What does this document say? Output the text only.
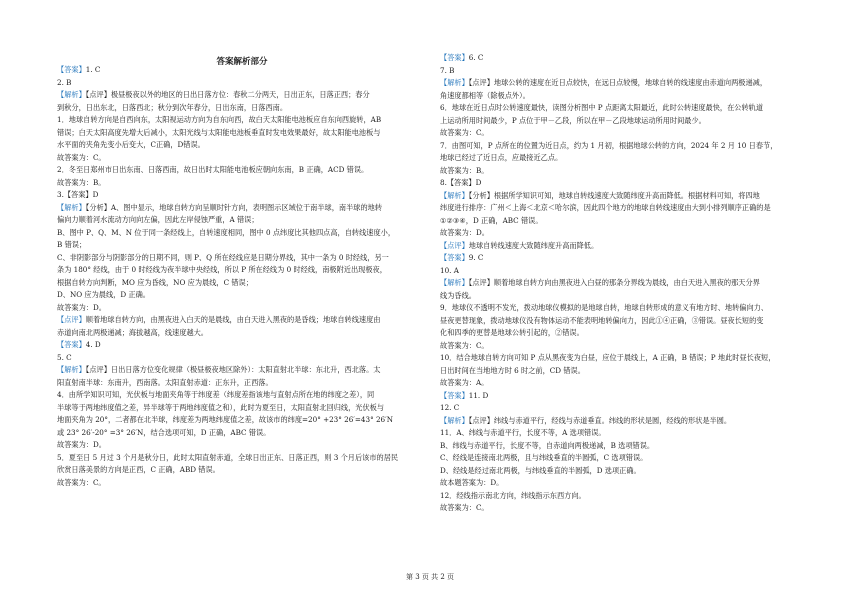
答案解析部分
【答案】1. C
2. B
【解析】【点评】极昼极夜以外的地区的日出日落方位：春秋二分两天，日出正东，日落正西；春分
到秋分，日出东北，日落西北；秋分到次年春分，日出东南，日落西南。
1．地球自转方向是自西向东，太阳视运动方向为自东向西，故白天太阳能电池板应自东向西旋转，AB
错误；白天太阳高度先增大后减小，太阳光线与太阳能电池板垂直时发电效果最好，故太阳能电池板与
水平面的夹角先变小后变大，C正确，D错误。
故答案为：C。
2．冬至日郑州市日出东南、日落西南，故日出时太阳能电池板应朝向东南，B 正确，ACD 错误。
故答案为：B。
3.【答案】D
【解析】【分析】A、图中显示，地球自转方向呈顺时针方向，表明图示区域位于南半球，南半球的地转
偏向力顺着河水流动方向向左偏，因此左岸侵蚀严重，A 错误；
B、图中 P、Q、M、N 位于同一条经线上，自转速度相同，图中 0 点纬度比其他四点高，自转线速度小，
B 错误；
C、非阴影部分与阴影部分的日期不同，则 P、Q 所在经线应是日期分界线，其中一条为 0 时经线，另一
条为 180° 经线，由于 0 时经线为夜半球中央经线，所以 P 所在经线为 0 时经线，南极附近出现极夜，
根据自转方向判断，MO 应为昏线，NO 应为晨线，C 错误；
D、NO 应为晨线，D 正确。
故答案为：D。
【点评】顺着地球自转方向，由黑夜进入白天的是晨线，由白天进入黑夜的是昏线；地球自转线速度由
赤道向南北两极递减；海拔越高，线速度越大。
【答案】4. D
5. C
【解析】【点评】日出日落方位变化规律（极昼极夜地区除外）：太阳直射北半球：东北升，西北落。太
阳直射南半球：东南升，西南落。太阳直射赤道：正东升，正西落。
4．由所学知识可知，光伏板与地面夹角等于纬度差（纬度差指该地与直射点所在地的纬度之差），同
半球等于两地纬度值之差，异半球等于两地纬度值之和），此时为夏至日，太阳直射北回归线，光伏板与
地面夹角为 20°，二者都在北半球，纬度差为两地纬度值之差，故该市的纬度=20° +23° 26′=43° 26′N
或 23° 26′-20° =3° 26′N，结合选项可知，D 正确，ABC 错误。
故答案为：D。
5．夏至日 5 月过 3 个月是秋分日，此时太阳直射赤道，全球日出正东、日落正西，则 3 个月后该市的居民
欣赏日落美景的方向是正西，C 正确，ABD 错误。
故答案为：C。
【答案】6. C
7. B
【解析】【点评】地球公转的速度在近日点较快，在远日点较慢，地球自转的线速度由赤道向两极递减，
角速度都相等（除极点外）。
6．地球在近日点时公转速度最快，读图分析图中 P 点距离太阳最近，此时公转速度最快，在公转轨道
上运动所用时间最少，P 点位于甲－乙段，所以在甲－乙段地球运动所用时间最少。
故答案为：C。
7．由图可知，P 点所在的位置为近日点，约为 1 月初，根据地球公转的方向，2024 年 2 月 10 日春节，
地球已经过了近日点，应最接近乙点。
故答案为：B。
8.【答案】D
【解析】【分析】根据所学知识可知，地球自转线速度大致随纬度升高而降低。根据材料可知，将四地
纬度进行排序：广州＜上海＜北京＜哈尔滨，因此四个地方的地球自转线速度由大到小排列顺序正确的是
①②③④，D 正确，ABC 错误。
故答案为：D。
【点评】地球自转线速度大致随纬度升高而降低。
【答案】9. C
10. A
【解析】【点评】顺着地球自转方向由黑夜进入白昼的那条分界线为晨线，由白天进入黑夜的那天分界
线为昏线。
9．地球仪不透明不发光，拨动地球仪模拟的是地球自转，地球自转形成的意义有地方时、地转偏向力、
昼夜更替现象，拨动地球仪没有物体运动不能表明地转偏向力，因此①④正确，③错误。昼夜长短的变
化和四季的更替是地球公转引起的，②错误。
故答案为：C。
10．结合地球自转方向可知 P 点从黑夜变为白昼，应位于晨线上，A 正确，B 错误；P 地此时昼长夜短，
日出时间在当地地方时 6 时之前，CD 错误。
故答案为：A。
【答案】11. D
12. C
【解析】【点评】纬线与赤道平行，经线与赤道垂直。纬线的形状是圆，经线的形状是半圆。
11．A、纬线与赤道平行，长度不等，A 选项错误。
B、纬线与赤道平行，长度不等，自赤道向两极递减，B 选项错误。
C、经线是连接南北两极，且与纬线垂直的半圆弧，C 选项错误。
D、经线是经过南北两极，与纬线垂直的半圆弧，D 选项正确。
故本题答案为：D。
12．经线指示南北方向，纬线指示东西方向。
故答案为：C。
第 3 页 共 2 页
